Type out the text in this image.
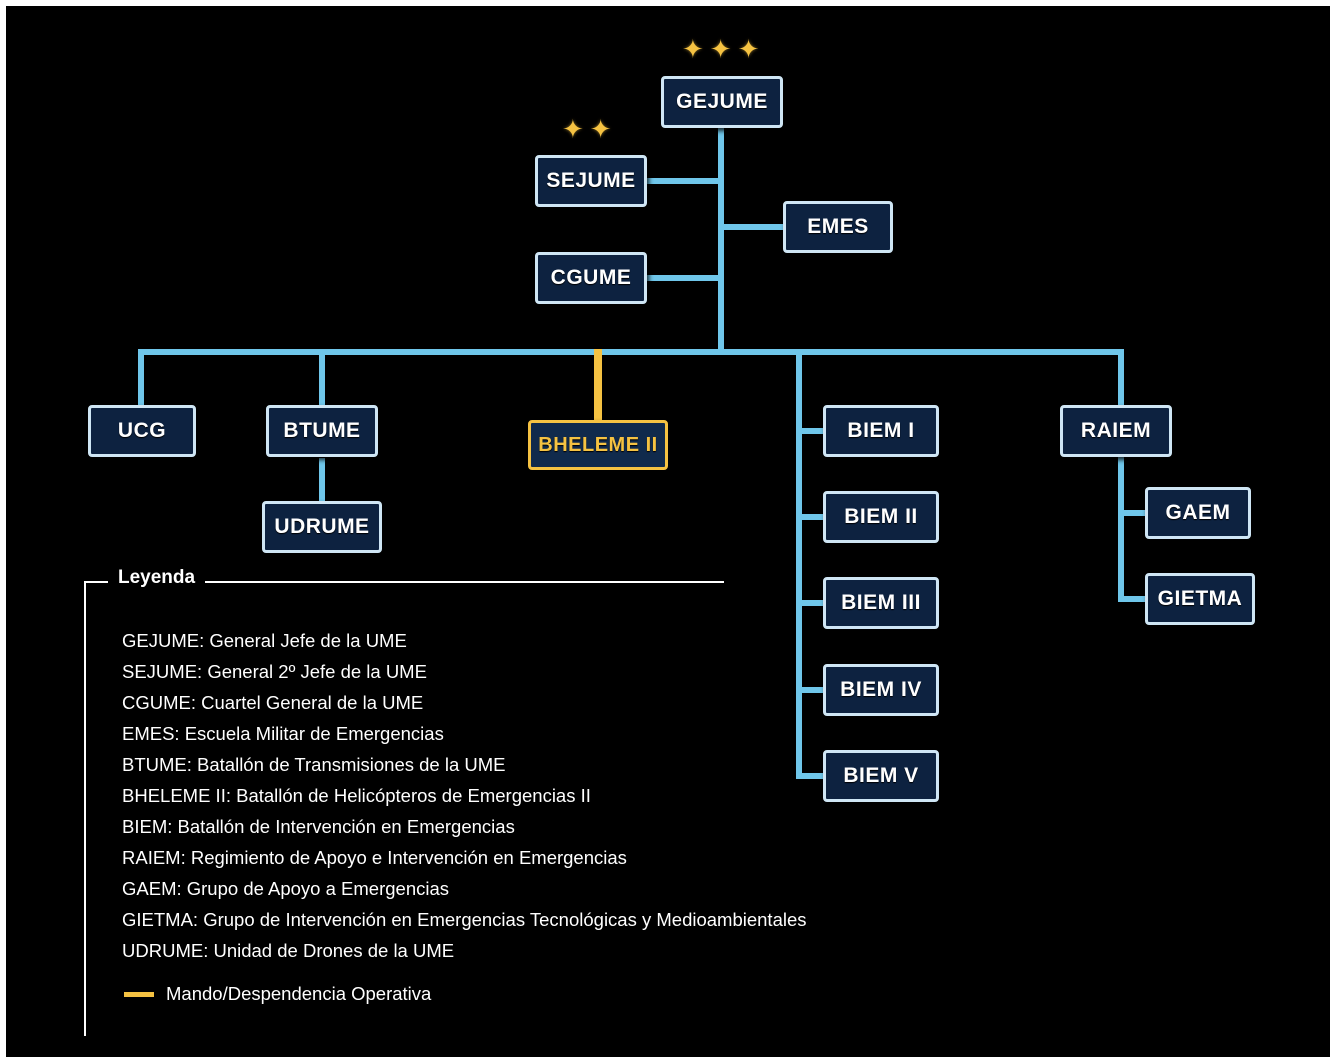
✦✦✦
✦✦
GEJUME
SEJUME
EMES
CGUME
UCG	BTUME
UDRUME
BHELEME II
BIEM I
BIEM II
BIEM III
BIEM IV
BIEM V
RAIEM
GAEM
GIETMA
Leyenda
GEJUME: General Jefe de la UME
SEJUME: General 2º Jefe de la UME
CGUME: Cuartel General de la UME
EMES: Escuela Militar de Emergencias
BTUME: Batallón de Transmisiones de la UME
BHELEME II: Batallón de Helicópteros de Emergencias II
BIEM: Batallón de Intervención en Emergencias
RAIEM: Regimiento de Apoyo e Intervención en Emergencias
GAEM: Grupo de Apoyo a Emergencias
GIETMA: Grupo de Intervención en Emergencias Tecnológicas y Medioambientales
UDRUME: Unidad de Drones de la UME
Mando/Despendencia Operativa
